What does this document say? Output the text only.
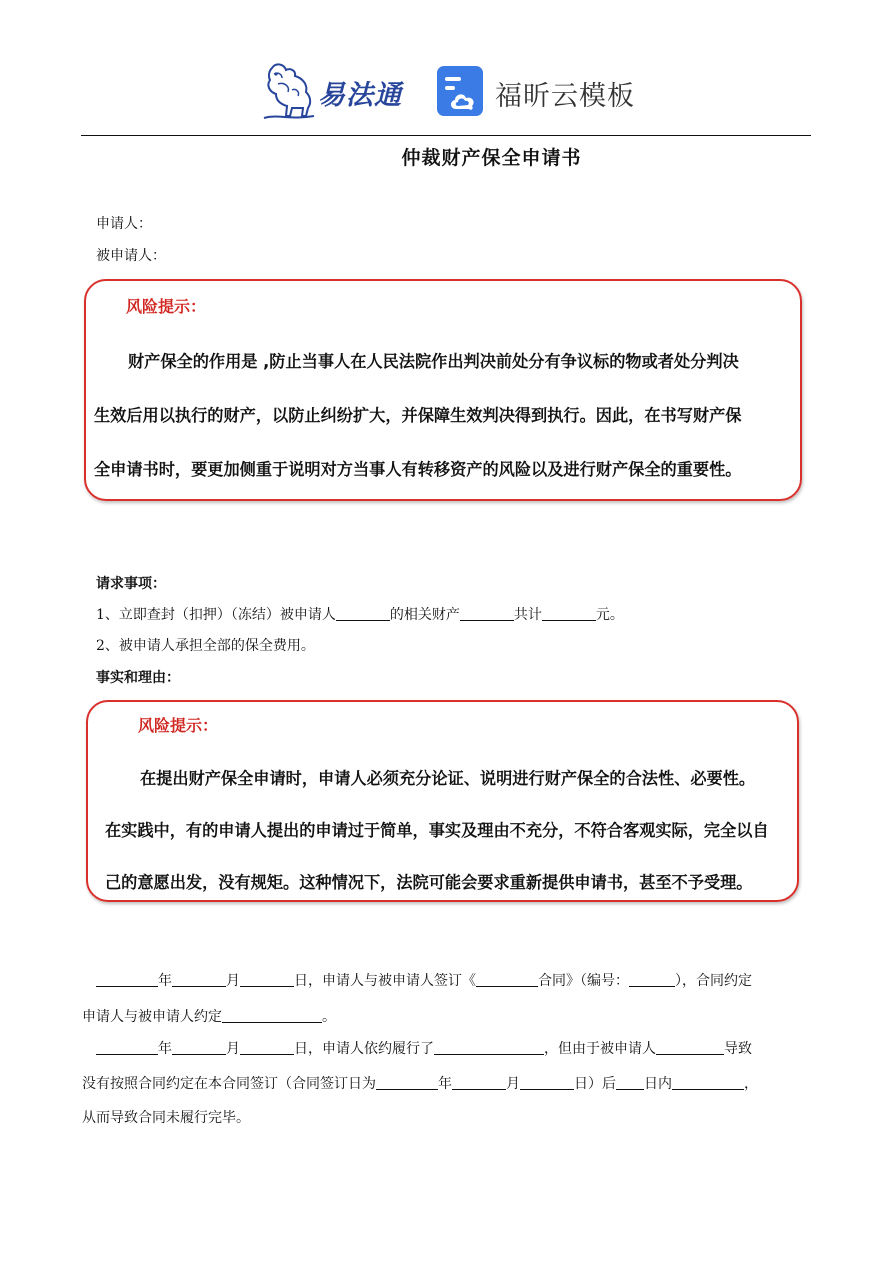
易法通	福昕云模板
仲裁财产保全申请书
申请人：
被申请人：
风险提示：
财产保全的作用是 ,防止当事人在人民法院作出判决前处分有争议标的物或者处分判决
生效后用以执行的财产，以防止纠纷扩大，并保障生效判决得到执行。因此，在书写财产保
全申请书时，要更加侧重于说明对方当事人有转移资产的风险以及进行财产保全的重要性。
请求事项：
1、立即查封（扣押）（冻结）被申请人	的相关财产	共计	元。
2、被申请人承担全部的保全费用。
事实和理由：
风险提示：
在提出财产保全申请时，申请人必须充分论证、说明进行财产保全的合法性、必要性。
在实践中，有的申请人提出的申请过于简单，事实及理由不充分，不符合客观实际，完全以自
己的意愿出发，没有规矩。这种情况下，法院可能会要求重新提供申请书，甚至不予受理。
年	月	日，申请人与被申请人签订《	合同》（编号：	），合同约定
申请人与被申请人约定	。
年	月	日，申请人依约履行了	，但由于被申请人	导致
没有按照合同约定在本合同签订（合同签订日为	年	月	日）后 日内	，
从而导致合同未履行完毕。
